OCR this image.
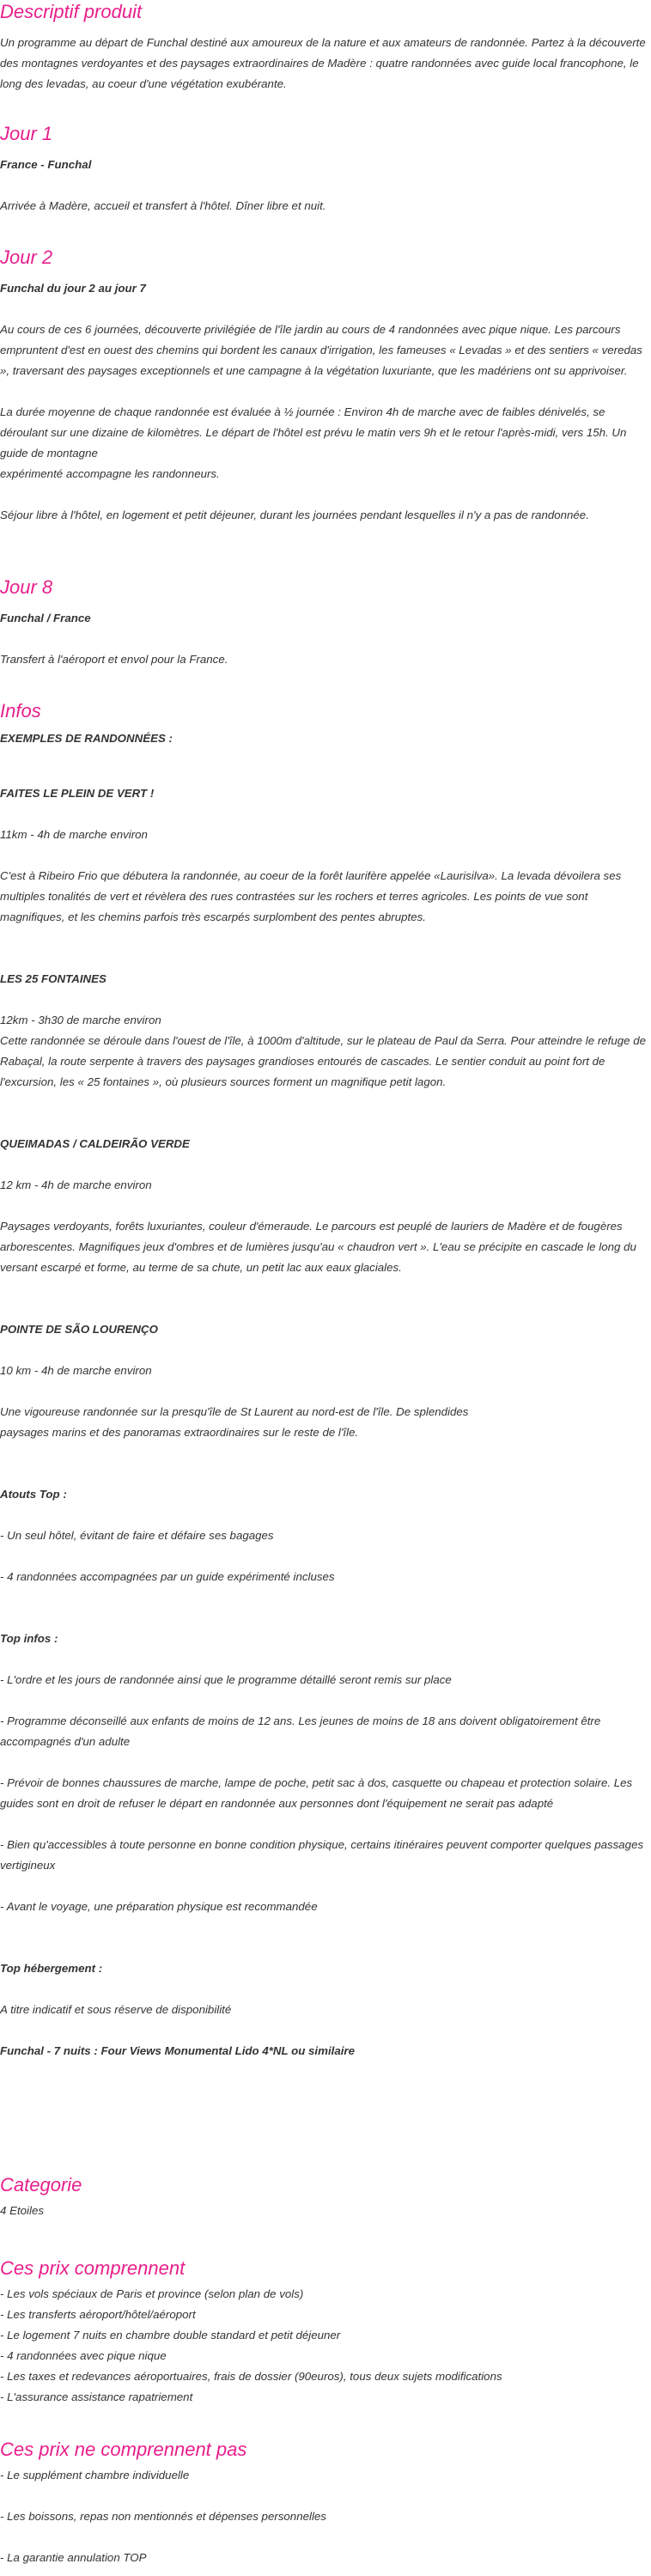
Descriptif produit

Un programme au départ de Funchal destiné aux amoureux de la nature et aux amateurs de randonnée. Partez à la découverte des montagnes verdoyantes et des paysages extraordinaires de Madère : quatre randonnées avec guide local francophone, le long des levadas, au coeur d'une végétation exubérante.

Jour 1

France - Funchal

Arrivée à Madère, accueil et transfert à l'hôtel. Dîner libre et nuit.

Jour 2

Funchal du jour 2 au jour 7

Au cours de ces 6 journées, découverte privilégiée de l'île jardin au cours de 4 randonnées avec pique nique. Les parcours empruntent d'est en ouest des chemins qui bordent les canaux d'irrigation, les fameuses « Levadas » et des sentiers « veredas », traversant des paysages exceptionnels et une campagne à la végétation luxuriante, que les madériens ont su apprivoiser.

La durée moyenne de chaque randonnée est évaluée à ½ journée : Environ 4h de marche avec de faibles dénivelés, se déroulant sur une dizaine de kilomètres. Le départ de l'hôtel est prévu le matin vers 9h et le retour l'après-midi, vers 15h. Un guide de montagne

expérimenté accompagne les randonneurs.

Séjour libre à l'hôtel, en logement et petit déjeuner, durant les journées pendant lesquelles il n'y a pas de randonnée.

Jour 8

Funchal / France

Transfert à l'aéroport et envol pour la France.

Infos

EXEMPLES DE RANDONNÉES :

FAITES LE PLEIN DE VERT !

11km - 4h de marche environ

C'est à Ribeiro Frio que débutera la randonnée, au coeur de la forêt laurifère appelée «Laurisilva». La levada dévoilera ses multiples tonalités de vert et révèlera des rues contrastées sur les rochers et terres agricoles. Les points de vue sont magnifiques, et les chemins parfois très escarpés surplombent des pentes abruptes.

LES 25 FONTAINES

12km - 3h30 de marche environ

Cette randonnée se déroule dans l'ouest de l'île, à 1000m d'altitude, sur le plateau de Paul da Serra. Pour atteindre le refuge de Rabaçal, la route serpente à travers des paysages grandioses entourés de cascades. Le sentier conduit au point fort de l'excursion, les « 25 fontaines », où plusieurs sources forment un magnifique petit lagon.

QUEIMADAS / CALDEIRÃO VERDE

12 km - 4h de marche environ

Paysages verdoyants, forêts luxuriantes, couleur d'émeraude. Le parcours est peuplé de lauriers de Madère et de fougères arborescentes. Magnifiques jeux d'ombres et de lumières jusqu'au « chaudron vert ». L'eau se précipite en cascade le long du versant escarpé et forme, au terme de sa chute, un petit lac aux eaux glaciales.

POINTE DE SÃO LOURENÇO

10 km - 4h de marche environ

Une vigoureuse randonnée sur la presqu'île de St Laurent au nord-est de l'île. De splendides

paysages marins et des panoramas extraordinaires sur le reste de l'île.

Atouts Top :

- Un seul hôtel, évitant de faire et défaire ses bagages

- 4 randonnées accompagnées par un guide expérimenté incluses

Top infos :

- L'ordre et les jours de randonnée ainsi que le programme détaillé seront remis sur place

- Programme déconseillé aux enfants de moins de 12 ans. Les jeunes de moins de 18 ans doivent obligatoirement être accompagnés d'un adulte

- Prévoir de bonnes chaussures de marche, lampe de poche, petit sac à dos, casquette ou chapeau et protection solaire. Les guides sont en droit de refuser le départ en randonnée aux personnes dont l'équipement ne serait pas adapté

- Bien qu'accessibles à toute personne en bonne condition physique, certains itinéraires peuvent comporter quelques passages vertigineux

- Avant le voyage, une préparation physique est recommandée

Top hébergement :

A titre indicatif et sous réserve de disponibilité

Funchal - 7 nuits : Four Views Monumental Lido 4*NL ou similaire

Categorie

4 Etoiles

Ces prix comprennent

- Les vols spéciaux de Paris et province (selon plan de vols)

- Les transferts aéroport/hôtel/aéroport

- Le logement 7 nuits en chambre double standard et petit déjeuner

- 4 randonnées avec pique nique

- Les taxes et redevances aéroportuaires, frais de dossier (90euros), tous deux sujets modifications

- L'assurance assistance rapatriement

Ces prix ne comprennent pas

- Le supplément chambre individuelle

- Les boissons, repas non mentionnés et dépenses personnelles

- La garantie annulation TOP
